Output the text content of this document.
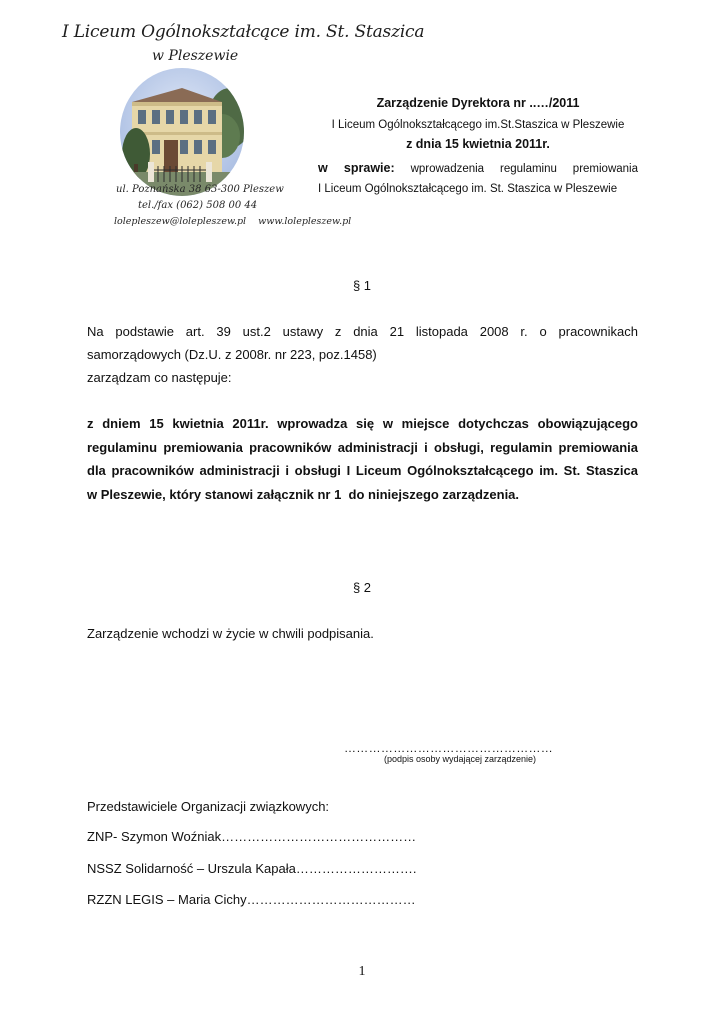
I Liceum Ogólnokształcące im. St. Staszica
w Pleszewie
ul. Poznańska 38 63-300 Pleszew
tel./fax (062) 508 00 44
lolepleszew@lolepleszew.pl www.lolepleszew.pl
Zarządzenie Dyrektora nr ..…/2011
I Liceum Ogólnokształcącego im.St.Staszica w Pleszewie
z dnia 15 kwietnia 2011r.
w sprawie: wprowadzenia regulaminu premiowania
I Liceum Ogólnokształcącego im. St. Staszica w Pleszewie
§ 1
Na podstawie art. 39 ust.2 ustawy z dnia 21 listopada 2008 r. o pracownikach
samorządowych (Dz.U. z 2008r. nr 223, poz.1458)
zarządzam co następuje:
z dniem 15 kwietnia 2011r. wprowadza się w miejsce dotychczas obowiązującego
regulaminu premiowania pracowników administracji i obsługi, regulamin premiowania
dla pracowników administracji i obsługi I Liceum Ogólnokształcącego im. St. Staszica
w Pleszewie, który stanowi załącznik nr 1  do niniejszego zarządzenia.
§ 2
Zarządzenie wchodzi w życie w chwili podpisania.
……………………………………………
(podpis osoby wydającej zarządzenie)
Przedstawiciele Organizacji związkowych:
ZNP- Szymon Woźniak………………………………………
NSSZ Solidarność – Urszula Kapała……………………….
RZZN LEGIS – Maria Cichy…………………………………
1
